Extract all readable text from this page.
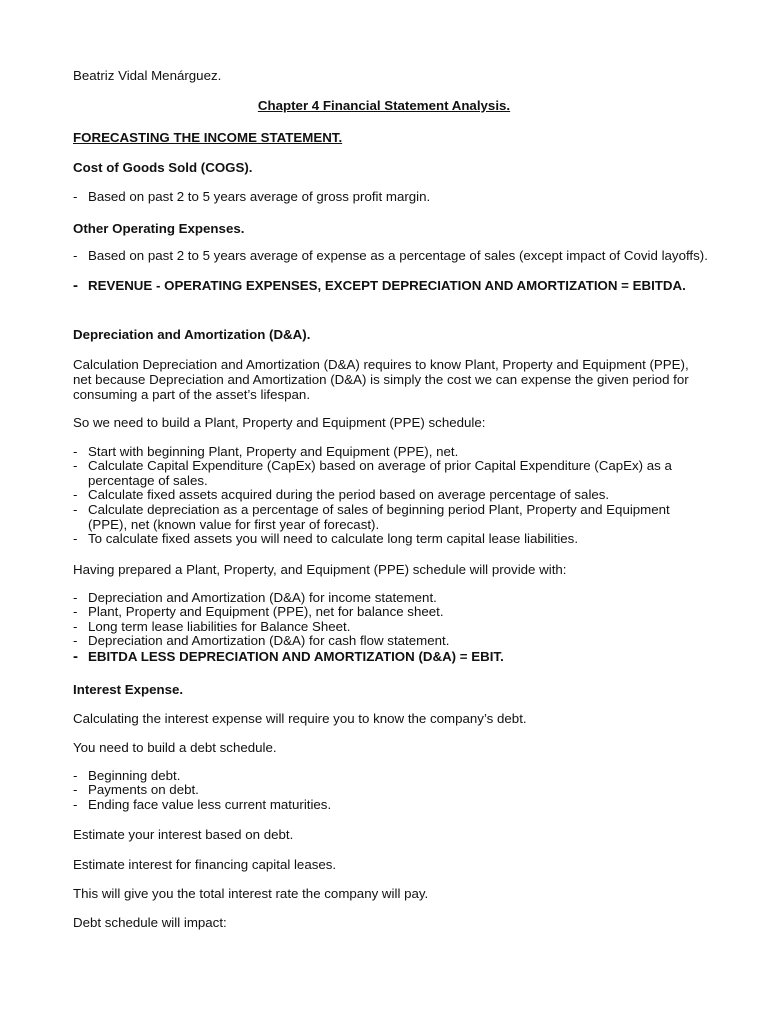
Beatriz Vidal Menárguez.
Chapter 4 Financial Statement Analysis.
FORECASTING THE INCOME STATEMENT.
Cost of Goods Sold (COGS).
- Based on past 2 to 5 years average of gross profit margin.
Other Operating Expenses.
- Based on past 2 to 5 years average of expense as a percentage of sales (except impact of Covid layoffs).
- REVENUE - OPERATING EXPENSES, EXCEPT DEPRECIATION AND AMORTIZATION = EBITDA.
Depreciation and Amortization (D&A).
Calculation Depreciation and Amortization (D&A) requires to know Plant, Property and Equipment (PPE), net because Depreciation and Amortization (D&A) is simply the cost we can expense the given period for consuming a part of the asset’s lifespan.
So we need to build a Plant, Property and Equipment (PPE) schedule:
- Start with beginning Plant, Property and Equipment (PPE), net.
- Calculate Capital Expenditure (CapEx) based on average of prior Capital Expenditure (CapEx) as a percentage of sales.
- Calculate fixed assets acquired during the period based on average percentage of sales.
- Calculate depreciation as a percentage of sales of beginning period Plant, Property and Equipment (PPE), net (known value for first year of forecast).
- To calculate fixed assets you will need to calculate long term capital lease liabilities.
Having prepared a Plant, Property, and Equipment (PPE) schedule will provide with:
- Depreciation and Amortization (D&A) for income statement.
- Plant, Property and Equipment (PPE), net for balance sheet.
- Long term lease liabilities for Balance Sheet.
- Depreciation and Amortization (D&A) for cash flow statement.
- EBITDA LESS DEPRECIATION AND AMORTIZATION (D&A) = EBIT.
Interest Expense.
Calculating the interest expense will require you to know the company’s debt.
You need to build a debt schedule.
- Beginning debt.
- Payments on debt.
- Ending face value less current maturities.
Estimate your interest based on debt.
Estimate interest for financing capital leases.
This will give you the total interest rate the company will pay.
Debt schedule will impact:
